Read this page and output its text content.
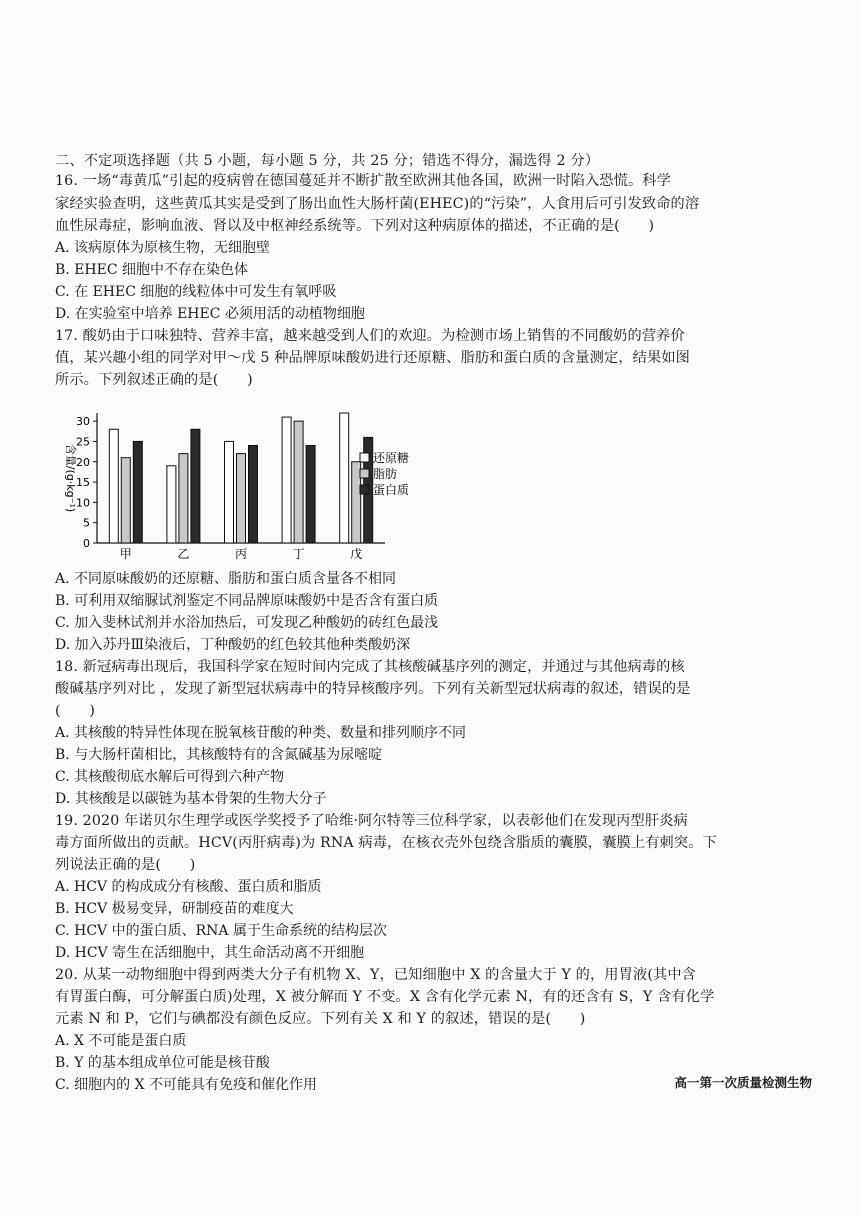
二、不定项选择题（共 5 小题，每小题 5 分，共 25 分；错选不得分，漏选得 2 分）
16. 一场“毒黄瓜”引起的疫病曾在德国蔓延并不断扩散至欧洲其他各国，欧洲一时陷入恐慌。科学
家经实验查明，这些黄瓜其实是受到了肠出血性大肠杆菌(EHEC)的“污染”，人食用后可引发致命的溶
血性尿毒症，影响血液、肾以及中枢神经系统等。下列对这种病原体的描述，不正确的是(　　)
A. 该病原体为原核生物，无细胞壁
B. EHEC 细胞中不存在染色体
C. 在 EHEC 细胞的线粒体中可发生有氧呼吸
D. 在实验室中培养 EHEC 必须用活的动植物细胞
17. 酸奶由于口味独特、营养丰富，越来越受到人们的欢迎。为检测市场上销售的不同酸奶的营养价
值，某兴趣小组的同学对甲～戊 5 种品牌原味酸奶进行还原糖、脂肪和蛋白质的含量测定，结果如图
所示。下列叙述正确的是(　　)
含量/(g·kg⁻¹)
0
5
10
15
20
25
30
甲	乙	丙	丁	戊
还原糖
脂肪
蛋白质
A. 不同原味酸奶的还原糖、脂肪和蛋白质含量各不相同
B. 可利用双缩脲试剂鉴定不同品牌原味酸奶中是否含有蛋白质
C. 加入斐林试剂并水浴加热后，可发现乙种酸奶的砖红色最浅
D. 加入苏丹Ⅲ染液后，丁种酸奶的红色较其他种类酸奶深
18. 新冠病毒出现后，我国科学家在短时间内完成了其核酸碱基序列的测定，并通过与其他病毒的核
酸碱基序列对比 ，发现了新型冠状病毒中的特异核酸序列。下列有关新型冠状病毒的叙述，错误的是
(　　)
A. 其核酸的特异性体现在脱氧核苷酸的种类、数量和排列顺序不同
B. 与大肠杆菌相比，其核酸特有的含氮碱基为尿嘧啶
C. 其核酸彻底水解后可得到六种产物
D. 其核酸是以碳链为基本骨架的生物大分子
19. 2020 年诺贝尔生理学或医学奖授予了哈维·阿尔特等三位科学家，以表彰他们在发现丙型肝炎病
毒方面所做出的贡献。HCV(丙肝病毒)为 RNA 病毒，在核衣壳外包绕含脂质的囊膜，囊膜上有刺突。下
列说法正确的是(　　)
A. HCV 的构成成分有核酸、蛋白质和脂质
B. HCV 极易变异，研制疫苗的难度大
C. HCV 中的蛋白质、RNA 属于生命系统的结构层次
D. HCV 寄生在活细胞中，其生命活动离不开细胞
20. 从某一动物细胞中得到两类大分子有机物 X、Y，已知细胞中 X 的含量大于 Y 的，用胃液(其中含
有胃蛋白酶，可分解蛋白质)处理，X 被分解而 Y 不变。X 含有化学元素 N，有的还含有 S，Y 含有化学
元素 N 和 P，它们与碘都没有颜色反应。下列有关 X 和 Y 的叙述，错误的是(　　)
A. X 不可能是蛋白质
B. Y 的基本组成单位可能是核苷酸
C. 细胞内的 X 不可能具有免疫和催化作用	高一第一次质量检测生物
